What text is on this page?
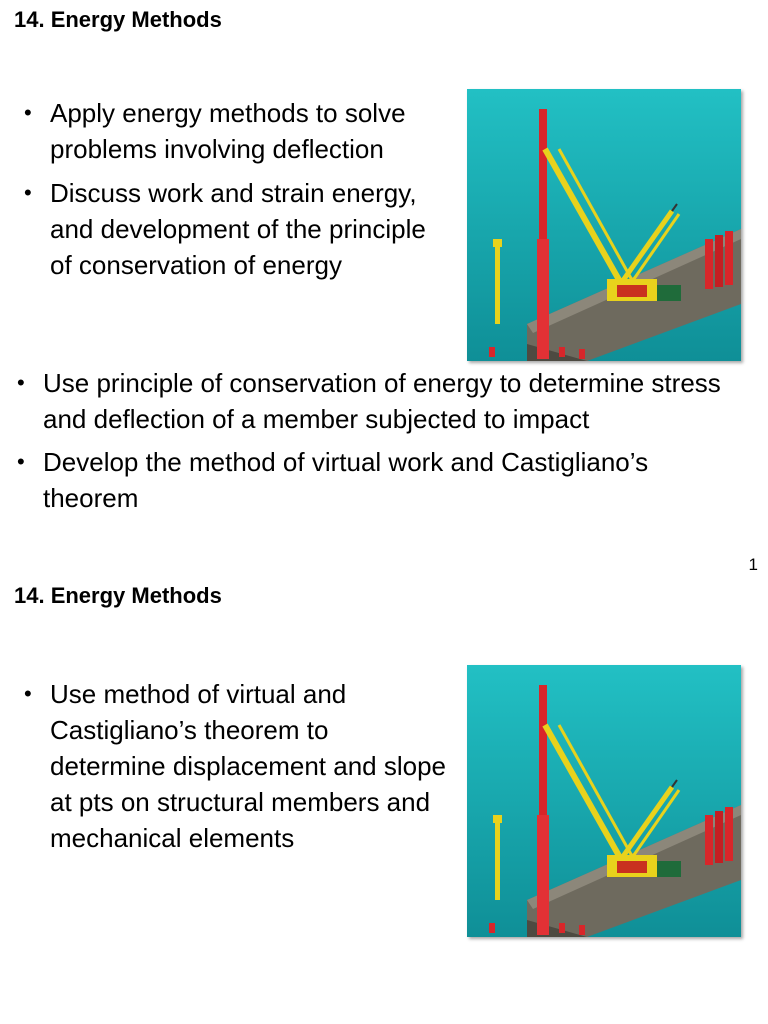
14. Energy Methods
• Apply energy methods to solve problems involving deflection
• Discuss work and strain energy, and development of the principle of conservation of energy
• Use principle of conservation of energy to determine stress and deflection of a member subjected to impact
• Develop the method of virtual work and Castigliano’s theorem
1
14. Energy Methods
• Use method of virtual and Castigliano’s theorem to determine displacement and slope at pts on structural members and mechanical elements
